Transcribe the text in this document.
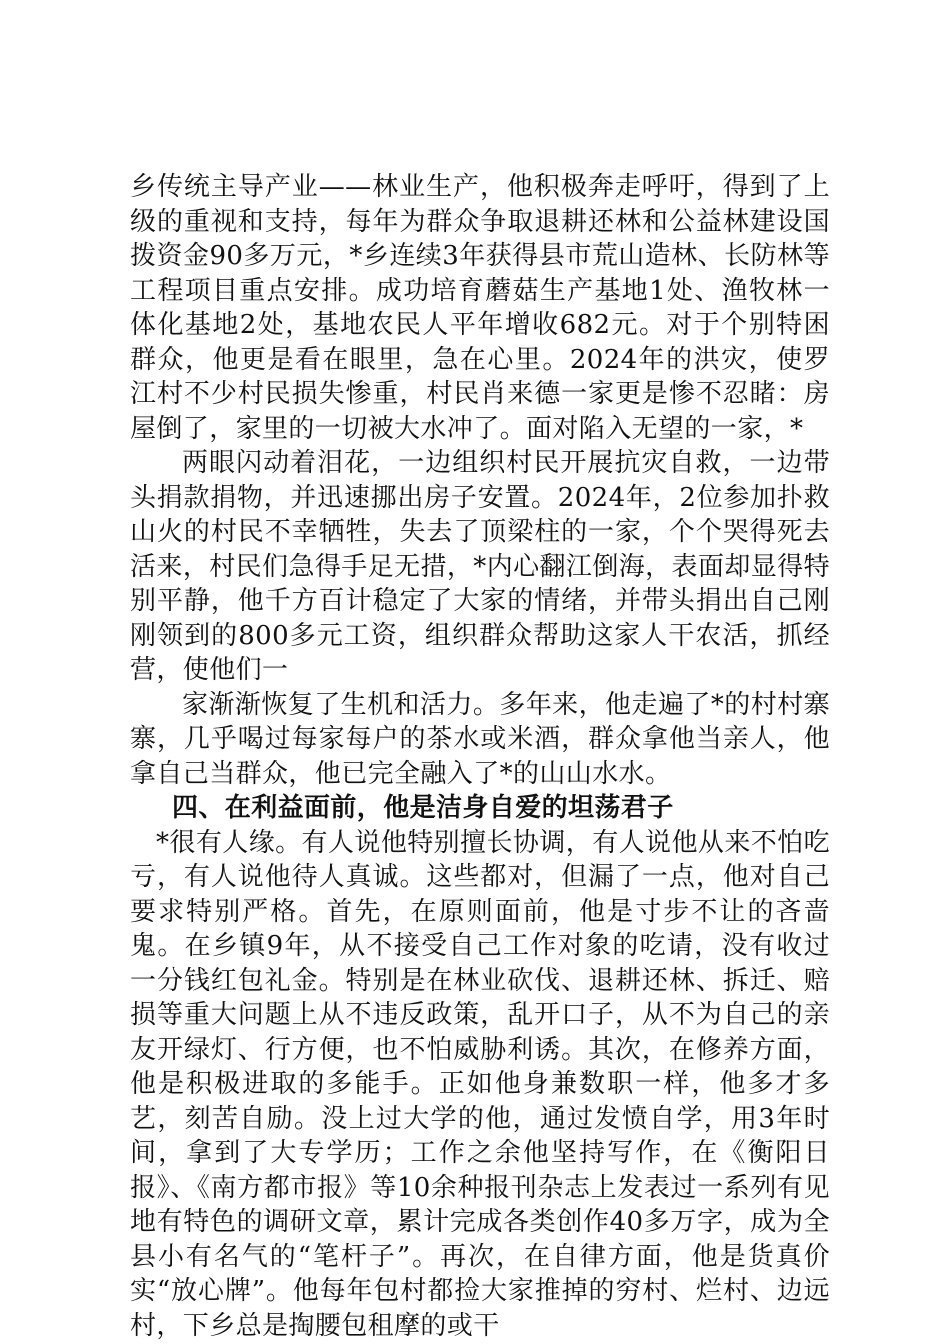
乡传统主导产业——林业生产，他积极奔走呼吁，得到了上级的重视和支持，每年为群众争取退耕还林和公益林建设国拨资金90多万元，*乡连续3年获得县市荒山造林、长防林等工程项目重点安排。成功培育蘑菇生产基地1处、渔牧林一体化基地2处，基地农民人平年增收682元。对于个别特困群众，他更是看在眼里，急在心里。2024年的洪灾，使罗江村不少村民损失惨重，村民肖来德一家更是惨不忍睹：房屋倒了，家里的一切被大水冲了。面对陷入无望的一家，*

两眼闪动着泪花，一边组织村民开展抗灾自救，一边带头捐款捐物，并迅速挪出房子安置。2024年，2位参加扑救山火的村民不幸牺牲，失去了顶梁柱的一家，个个哭得死去活来，村民们急得手足无措，*内心翻江倒海，表面却显得特别平静，他千方百计稳定了大家的情绪，并带头捐出自己刚刚领到的800多元工资，组织群众帮助这家人干农活，抓经营，使他们一

家渐渐恢复了生机和活力。多年来，他走遍了*的村村寨寨，几乎喝过每家每户的茶水或米酒，群众拿他当亲人，他拿自己当群众，他已完全融入了*的山山水水。

四、在利益面前，他是洁身自爱的坦荡君子

*很有人缘。有人说他特别擅长协调，有人说他从来不怕吃亏，有人说他待人真诚。这些都对，但漏了一点，他对自己要求特别严格。首先，在原则面前，他是寸步不让的吝啬鬼。在乡镇9年，从不接受自己工作对象的吃请，没有收过一分钱红包礼金。特别是在林业砍伐、退耕还林、拆迁、赔损等重大问题上从不违反政策，乱开口子，从不为自己的亲友开绿灯、行方便，也不怕威胁利诱。其次，在修养方面，他是积极进取的多能手。正如他身兼数职一样，他多才多艺，刻苦自励。没上过大学的他，通过发愤自学，用3年时间，拿到了大专学历；工作之余他坚持写作，在《衡阳日报》、《南方都市报》等10余种报刊杂志上发表过一系列有见地有特色的调研文章，累计完成各类创作40多万字，成为全县小有名气的“笔杆子”。再次，在自律方面，他是货真价实“放心牌”。他每年包村都捡大家推掉的穷村、烂村、边远村，下乡总是掏腰包租摩的或干
